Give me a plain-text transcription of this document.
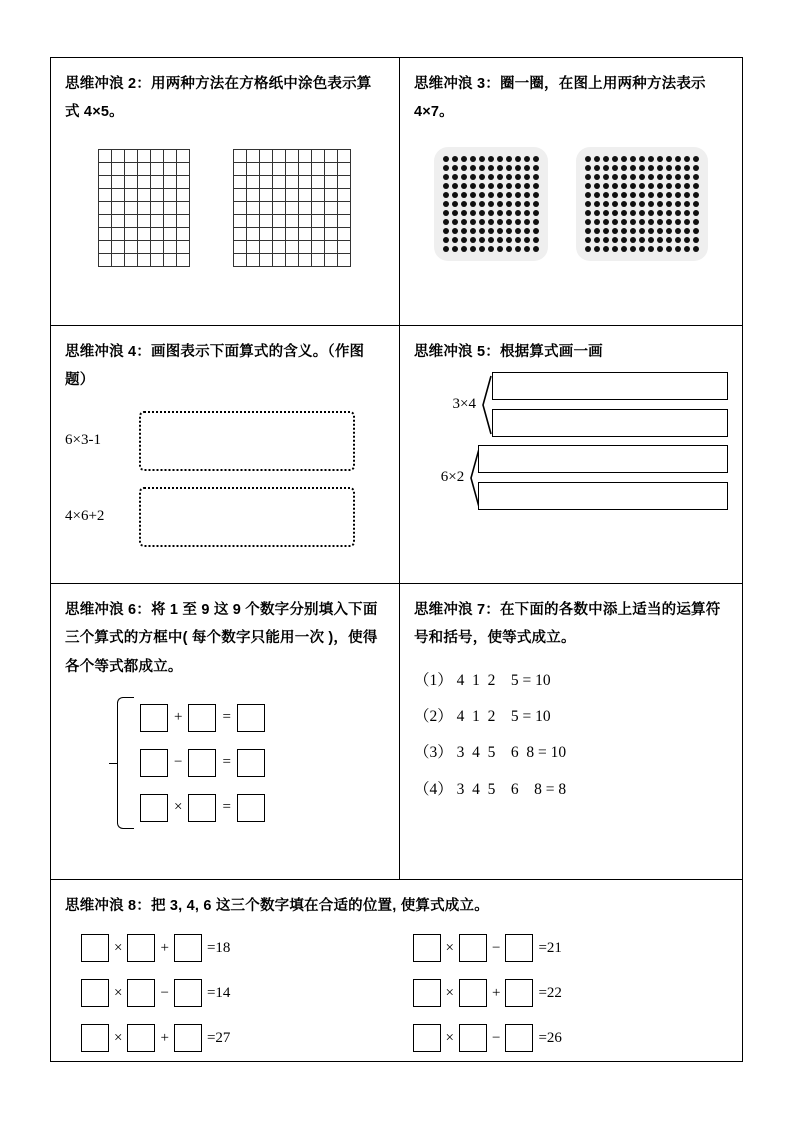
思维冲浪 2：用两种方法在方格纸中涂色表示算式 4×5。
思维冲浪 3：圈一圈，在图上用两种方法表示 4×7。
思维冲浪 4：画图表示下面算式的含义。（作图题）
6×3-1
4×6+2
思维冲浪 5：根据算式画一画
3×4
6×2
思维冲浪 6：将 1 至 9 这 9 个数字分别填入下面三个算式的方框中( 每个数字只能用一次 )，使得各个等式都成立。
+	=
−	=
×	=
思维冲浪 7：在下面的各数中添上适当的运算符号和括号，使等式成立。
（1） 4  1  2    5 = 10
（2） 4  1  2    5 = 10
（3） 3  4  5    6  8 = 10
（4） 3  4  5    6    8 = 8
思维冲浪 8：把 3, 4, 6 这三个数字填在合适的位置, 使算式成立。
×	+	=18
×	−	=14
×	+	=27
×	−	=21
×	+	=22
×	−	=26
